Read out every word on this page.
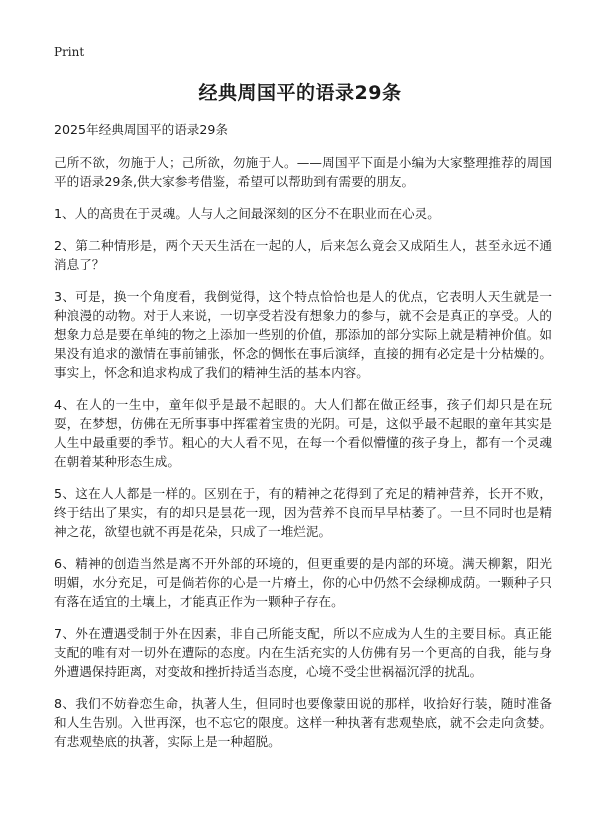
Print
经典周国平的语录29条

2025年经典周国平的语录29条

己所不欲，勿施于人；己所欲，勿施于人。——周国平下面是小编为大家整理推荐的周国平的语录29条,供大家参考借鉴，希望可以帮助到有需要的朋友。

1、人的高贵在于灵魂。人与人之间最深刻的区分不在职业而在心灵。

2、第二种情形是，两个天天生活在一起的人，后来怎么竟会又成陌生人，甚至永远不通消息了？

3、可是，换一个角度看，我倒觉得，这个特点恰恰也是人的优点，它表明人天生就是一种浪漫的动物。对于人来说，一切享受若没有想象力的参与，就不会是真正的享受。人的想象力总是要在单纯的物之上添加一些别的价值，那添加的部分实际上就是精神价值。如果没有追求的激情在事前铺张，怀念的惆怅在事后演绎，直接的拥有必定是十分枯燥的。事实上，怀念和追求构成了我们的精神生活的基本内容。

4、在人的一生中，童年似乎是最不起眼的。大人们都在做正经事，孩子们却只是在玩耍，在梦想，仿佛在无所事事中挥霍着宝贵的光阴。可是，这似乎最不起眼的童年其实是人生中最重要的季节。粗心的大人看不见，在每一个看似懵懂的孩子身上，都有一个灵魂在朝着某种形态生成。

5、这在人人都是一样的。区别在于，有的精神之花得到了充足的精神营养，长开不败，终于结出了果实，有的却只是昙花一现，因为营养不良而早早枯萎了。一旦不同时也是精神之花，欲望也就不再是花朵，只成了一堆烂泥。

6、精神的创造当然是离不开外部的环境的，但更重要的是内部的环境。满天柳絮，阳光明媚，水分充足，可是倘若你的心是一片瘠土，你的心中仍然不会绿柳成荫。一颗种子只有落在适宜的土壤上，才能真正作为一颗种子存在。

7、外在遭遇受制于外在因素，非自己所能支配，所以不应成为人生的主要目标。真正能支配的唯有对一切外在遭际的态度。内在生活充实的人仿佛有另一个更高的自我，能与身外遭遇保持距离，对变故和挫折持适当态度，心境不受尘世祸福沉浮的扰乱。

8、我们不妨眷恋生命，执著人生，但同时也要像蒙田说的那样，收拾好行装，随时准备和人生告别。入世再深，也不忘它的限度。这样一种执著有悲观垫底，就不会走向贪婪。有悲观垫底的执著，实际上是一种超脱。
